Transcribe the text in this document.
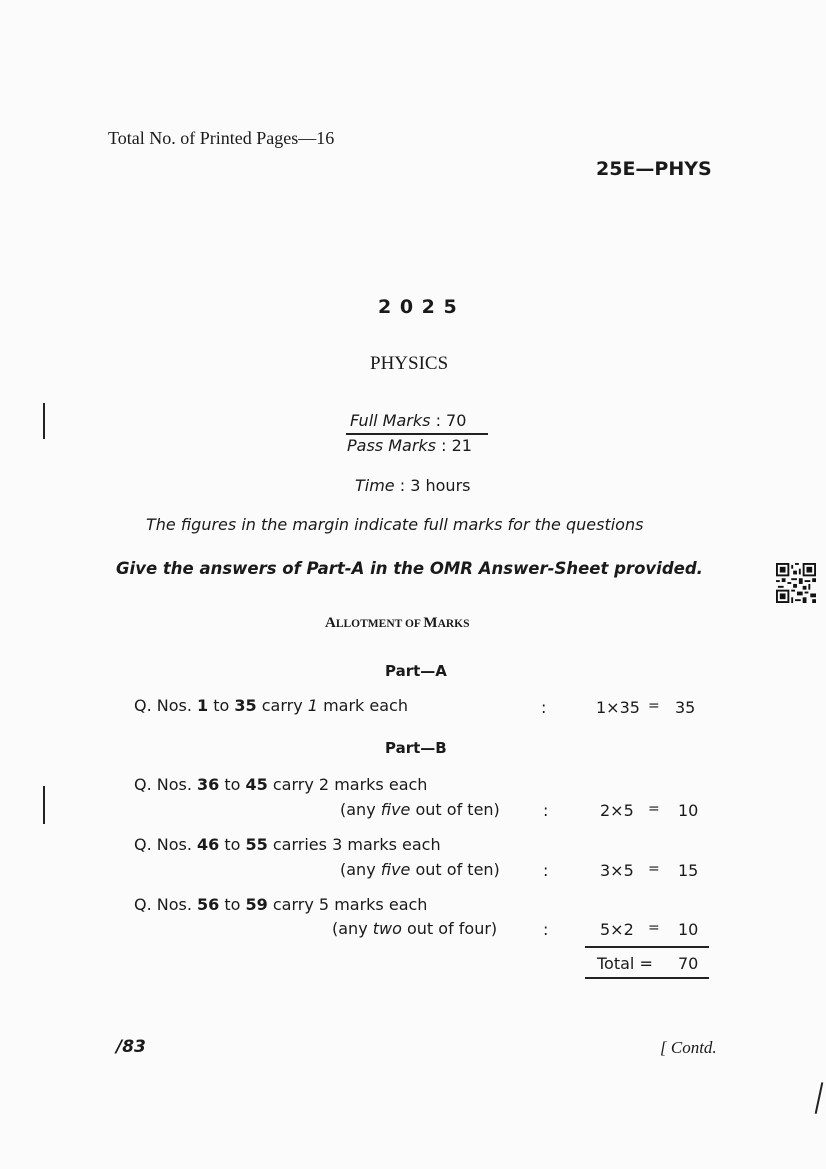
Total No. of Printed Pages—16
25E—PHYS
2 0 2 5
PHYSICS
Full Marks : 70
Pass Marks : 21
Time : 3 hours
The figures in the margin indicate full marks for the questions
Give the answers of Part-A in the OMR Answer-Sheet provided.
ALLOTMENT OF MARKS
Part—A
Q. Nos. 1 to 35 carry 1 mark each	:	1×35 = 35
Part—B
Q. Nos. 36 to 45 carry 2 marks each
(any five out of ten)	:	2×5 = 10
Q. Nos. 46 to 55 carries 3 marks each
(any five out of ten)	:	3×5 = 15
Q. Nos. 56 to 59 carry 5 marks each
(any two out of four)	:	5×2 = 10
Total = 70
/83	[ Contd.
